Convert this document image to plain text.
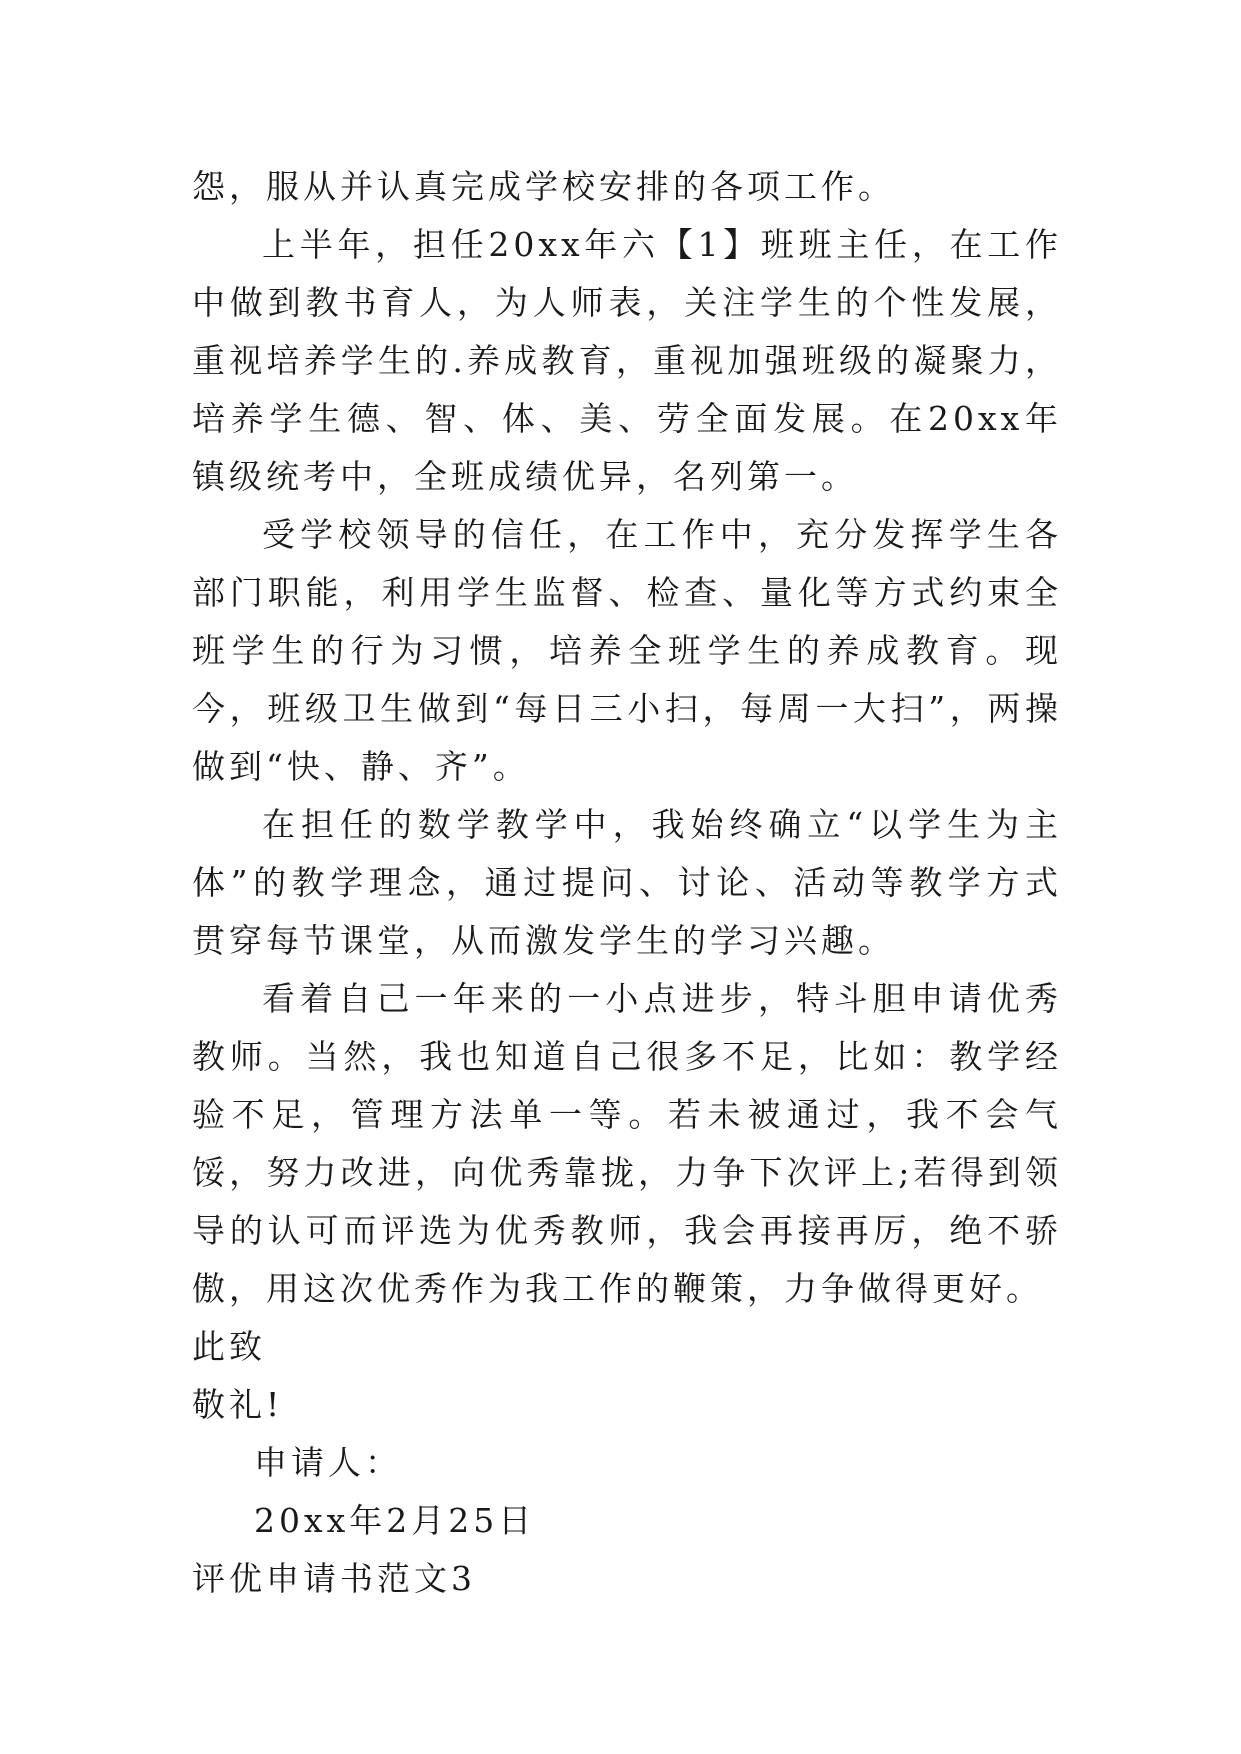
怨，服从并认真完成学校安排的各项工作。

上半年，担任20xx年六【1】班班主任，在工作中做到教书育人，为人师表，关注学生的个性发展，重视培养学生的.养成教育，重视加强班级的凝聚力，培养学生德、智、体、美、劳全面发展。在20xx年镇级统考中，全班成绩优异，名列第一。

受学校领导的信任，在工作中，充分发挥学生各部门职能，利用学生监督、检查、量化等方式约束全班学生的行为习惯，培养全班学生的养成教育。现今，班级卫生做到“每日三小扫，每周一大扫”，两操做到“快、静、齐”。

在担任的数学教学中，我始终确立“以学生为主体”的教学理念，通过提问、讨论、活动等教学方式贯穿每节课堂，从而激发学生的学习兴趣。

看着自己一年来的一小点进步，特斗胆申请优秀教师。当然，我也知道自己很多不足，比如：教学经验不足，管理方法单一等。若未被通过，我不会气馁，努力改进，向优秀靠拢，力争下次评上;若得到领导的认可而评选为优秀教师，我会再接再厉，绝不骄傲，用这次优秀作为我工作的鞭策，力争做得更好。

此致

敬礼!

申请人：

20xx年2月25日

评优申请书范文3
